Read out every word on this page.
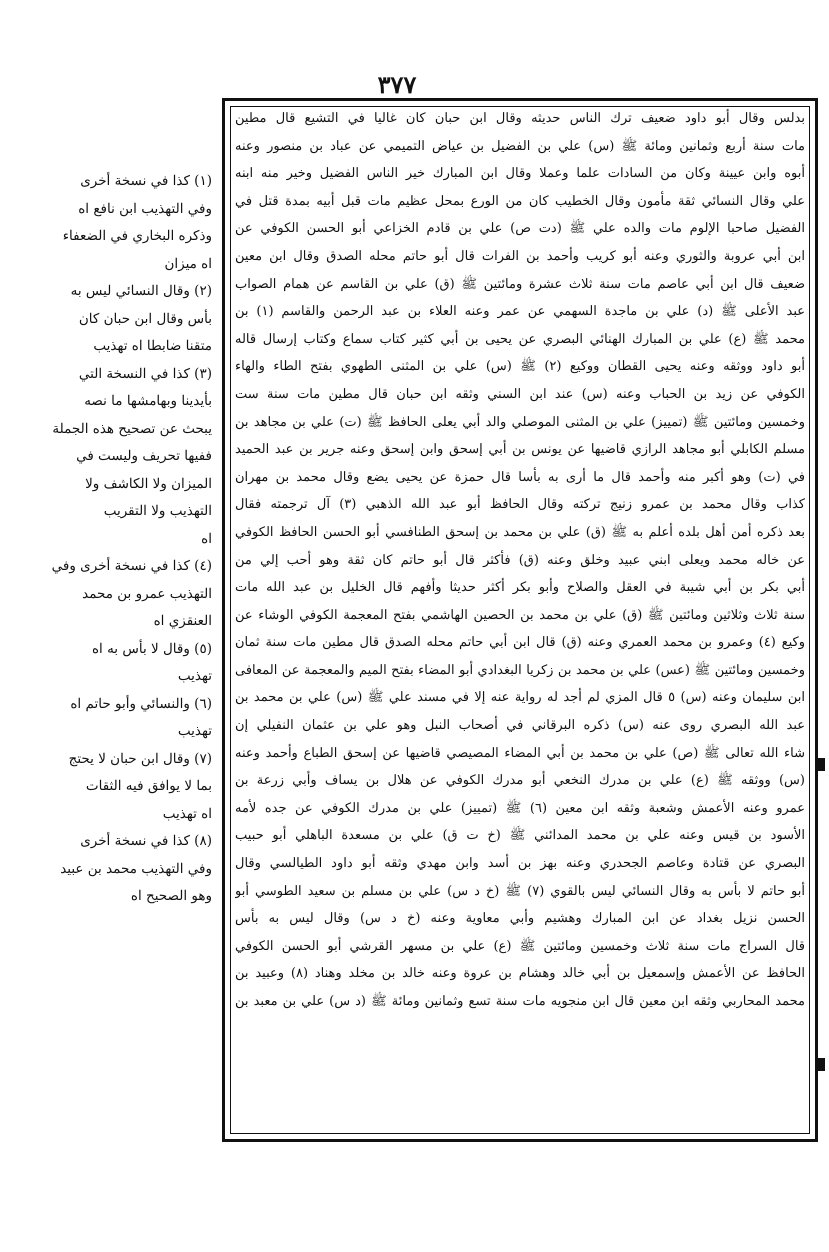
٣٧٧
بدلس وقال أبو داود ضعيف ترك الناس حديثه وقال ابن حبان كان غاليا في التشيع قال مطين
مات سنة أربع وثمانين ومائة ﷺ (س) علي بن الفضيل بن عياض التميمي عن عباد بن منصور وعنه
أبوه وابن عيينة وكان من السادات علما وعملا وقال ابن المبارك خير الناس الفضيل وخير منه ابنه
علي وقال النسائي ثقة مأمون وقال الخطيب كان من الورع بمحل عظيم مات قبل أبيه بمدة قتل في
الفضيل صاحبا الإلوم مات والده علي ﷺ (دت ص) علي بن قادم الخزاعي أبو الحسن الكوفي عن
ابن أبي عروبة والثوري وعنه أبو كريب وأحمد بن الفرات قال أبو حاتم محله الصدق وقال ابن معين
ضعيف قال ابن أبي عاصم مات سنة ثلاث عشرة ومائتين ﷺ (ق) علي بن القاسم عن همام الصواب
عبد الأعلى ﷺ (د) علي بن ماجدة السهمي عن عمر وعنه العلاء بن عبد الرحمن والقاسم (١) بن
محمد ﷺ (ع) علي بن المبارك الهنائي البصري عن يحيى بن أبي كثير كتاب سماع وكتاب إرسال قاله
أبو داود ووثقه وعنه يحيى القطان ووكيع (٢) ﷺ (س) علي بن المثنى الطهوي بفتح الطاء والهاء
الكوفي عن زيد بن الحباب وعنه (س) عند ابن السني وثقه ابن حبان قال مطين مات سنة ست
وخمسين ومائتين ﷺ (تمييز) علي بن المثنى الموصلي والد أبي يعلى الحافظ ﷺ (ت) علي بن مجاهد بن
مسلم الكابلي أبو مجاهد الرازي قاضيها عن يونس بن أبي إسحق وابن إسحق وعنه جرير بن عبد الحميد
في (ت) وهو أكبر منه وأحمد قال ما أرى به بأسا قال حمزة عن يحيى يضع وقال محمد بن مهران
كذاب وقال محمد بن عمرو زنيج تركته وقال الحافظ أبو عبد الله الذهبي (٣) آل ترجمته فقال
بعد ذكره أمن أهل بلده أعلم به ﷺ (ق) علي بن محمد بن إسحق الطنافسي أبو الحسن الحافظ الكوفي
عن خاله محمد ويعلى ابني عبيد وخلق وعنه (ق) فأكثر قال أبو حاتم كان ثقة وهو أحب إلي من
أبي بكر بن أبي شيبة في العقل والصلاح وأبو بكر أكثر حديثا وأفهم قال الخليل بن عبد الله مات
سنة ثلاث وثلاثين ومائتين ﷺ (ق) علي بن محمد بن الحصين الهاشمي بفتح المعجمة الكوفي الوشاء عن
وكيع (٤) وعمرو بن محمد العمري وعنه (ق) قال ابن أبي حاتم محله الصدق قال مطين مات سنة ثمان
وخمسين ومائتين ﷺ (عس) علي بن محمد بن زكريا البغدادي أبو المضاء بفتح الميم والمعجمة عن المعافى
ابن سليمان وعنه (س) ٥ قال المزي لم أجد له رواية عنه إلا في مسند علي ﷺ (س) علي بن محمد بن
عبد الله البصري روى عنه (س) ذكره البرقاني في أصحاب النبل وهو علي بن عثمان النفيلي إن
شاء الله تعالى ﷺ (ص) علي بن محمد بن أبي المضاء المصيصي قاضيها عن إسحق الطباع وأحمد وعنه
(س) ووثقه ﷺ (ع) علي بن مدرك النخعي أبو مدرك الكوفي عن هلال بن يساف وأبي زرعة بن
عمرو وعنه الأعمش وشعبة وثقه ابن معين (٦) ﷺ (تمييز) علي بن مدرك الكوفي عن جده لأمه
الأسود بن قيس وعنه علي بن محمد المدائني ﷺ (خ ت ق) علي بن مسعدة الباهلي أبو حبيب
البصري عن قتادة وعاصم الجحدري وعنه بهز بن أسد وابن مهدي وثقه أبو داود الطيالسي وقال
أبو حاتم لا بأس به وقال النسائي ليس بالقوي (٧) ﷺ (خ د س) علي بن مسلم بن سعيد الطوسي أبو
الحسن نزيل بغداد عن ابن المبارك وهشيم وأبي معاوية وعنه (خ د س) وقال ليس به بأس
قال السراج مات سنة ثلاث وخمسين ومائتين ﷺ (ع) علي بن مسهر القرشي أبو الحسن الكوفي
الحافظ عن الأعمش وإسمعيل بن أبي خالد وهشام بن عروة وعنه خالد بن مخلد وهناد (٨) وعبيد بن
محمد المحاربي وثقه ابن معين قال ابن منجويه مات سنة تسع وثمانين ومائة ﷺ (د س) علي بن معبد بن
(١) كذا في نسخة أخرى
وفي التهذيب ابن نافع اه
وذكره البخاري في الضعفاء
اه ميزان
(٢) وقال النسائي ليس به
بأس وقال ابن حبان كان
متقنا ضابطا اه تهذيب
(٣) كذا في النسخة التي
بأيدينا وبهامشها ما نصه
يبحث عن تصحيح هذه الجملة
ففيها تحريف وليست في
الميزان ولا الكاشف ولا
التهذيب ولا التقريب
اه
(٤) كذا في نسخة أخرى وفي
التهذيب عمرو بن محمد
العنقزي اه
(٥) وقال لا بأس به اه
تهذيب
(٦) والنسائي وأبو حاتم اه
تهذيب
(٧) وقال ابن حبان لا يحتج
بما لا يوافق فيه الثقات
اه تهذيب
(٨) كذا في نسخة أخرى
وفي التهذيب محمد بن عبيد
وهو الصحيح اه
